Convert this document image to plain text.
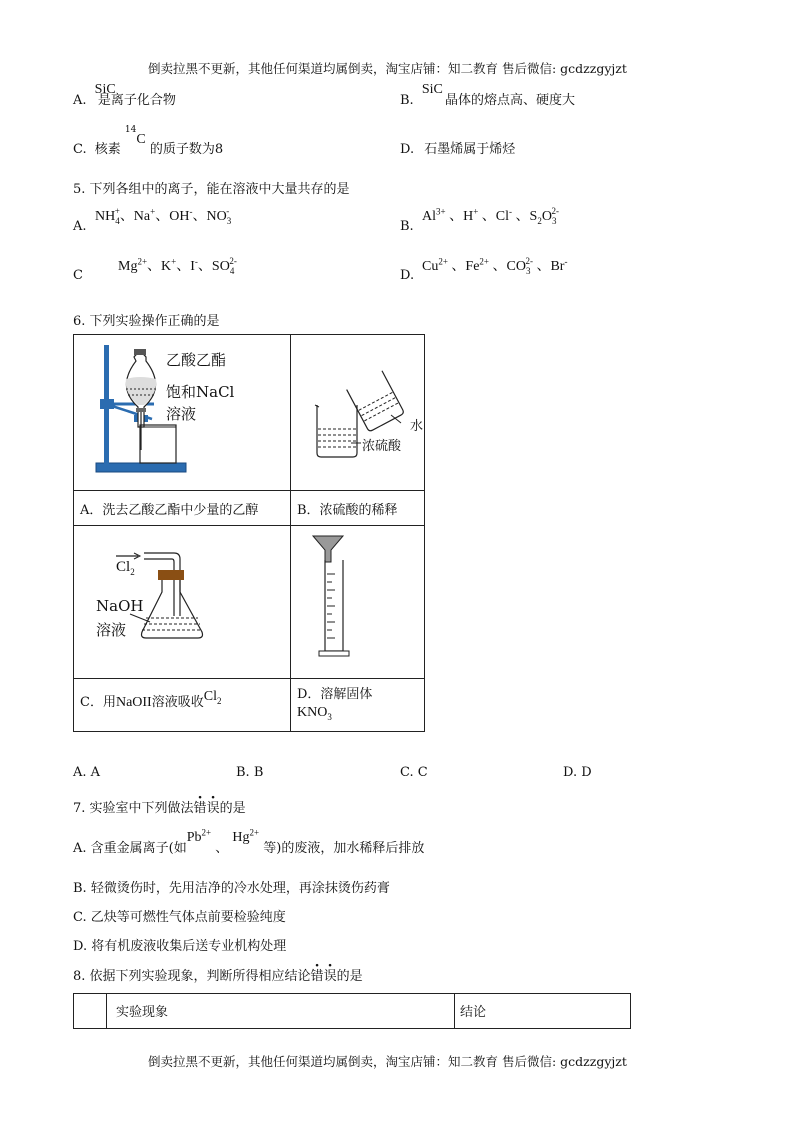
倒卖拉黑不更新，其他任何渠道均属倒卖，淘宝店铺：知二教育 售后微信: gcdzzgyjzt
A. SiC 是离子化合物	B. SiC 晶体的熔点高、硬度大
C. 核素 $^{14}$C 的质子数为8	D. 石墨烯属于烯烃
5. 下列各组中的离子，能在溶液中大量共存的是
A.
$NH_4^+$、Na+、OH-、$NO_3^-$
B.
$Al^{3+}$ 、H+ 、Cl- 、$S_2O_3^{2-}$
C
$Mg^{2+}$、K+、I-、$SO_4^{2-}$
D.
$Cu^{2+}$ 、$Fe^{2+}$ 、$CO_3^{2-}$ 、Br-
6. 下列实验操作正确的是
乙酸乙酯
饱和NaCl
溶液
水
浓硫酸
A．洗去乙酸乙酯中少量的乙醇	B．浓硫酸的稀释
$Cl_2$
NaOH
溶液
C．用NaOII溶液吸收$Cl_2$	D．溶解固体
$KNO_3$
A. A	B. B	C. C	D. D
7. 实验室中下列做法错误的是
A. 含重金属离子(如$Pb^{2+}$ 、 $Hg^{2+}$ 等)的废液，加水稀释后排放
B. 轻微烫伤时，先用洁净的冷水处理，再涂抹烫伤药膏
C. 乙炔等可燃性气体点前要检验纯度
D. 将有机废液收集后送专业机构处理
8. 依据下列实验现象，判断所得相应结论错误的是
实验现象	结论
倒卖拉黑不更新，其他任何渠道均属倒卖，淘宝店铺：知二教育 售后微信: gcdzzgyjzt
